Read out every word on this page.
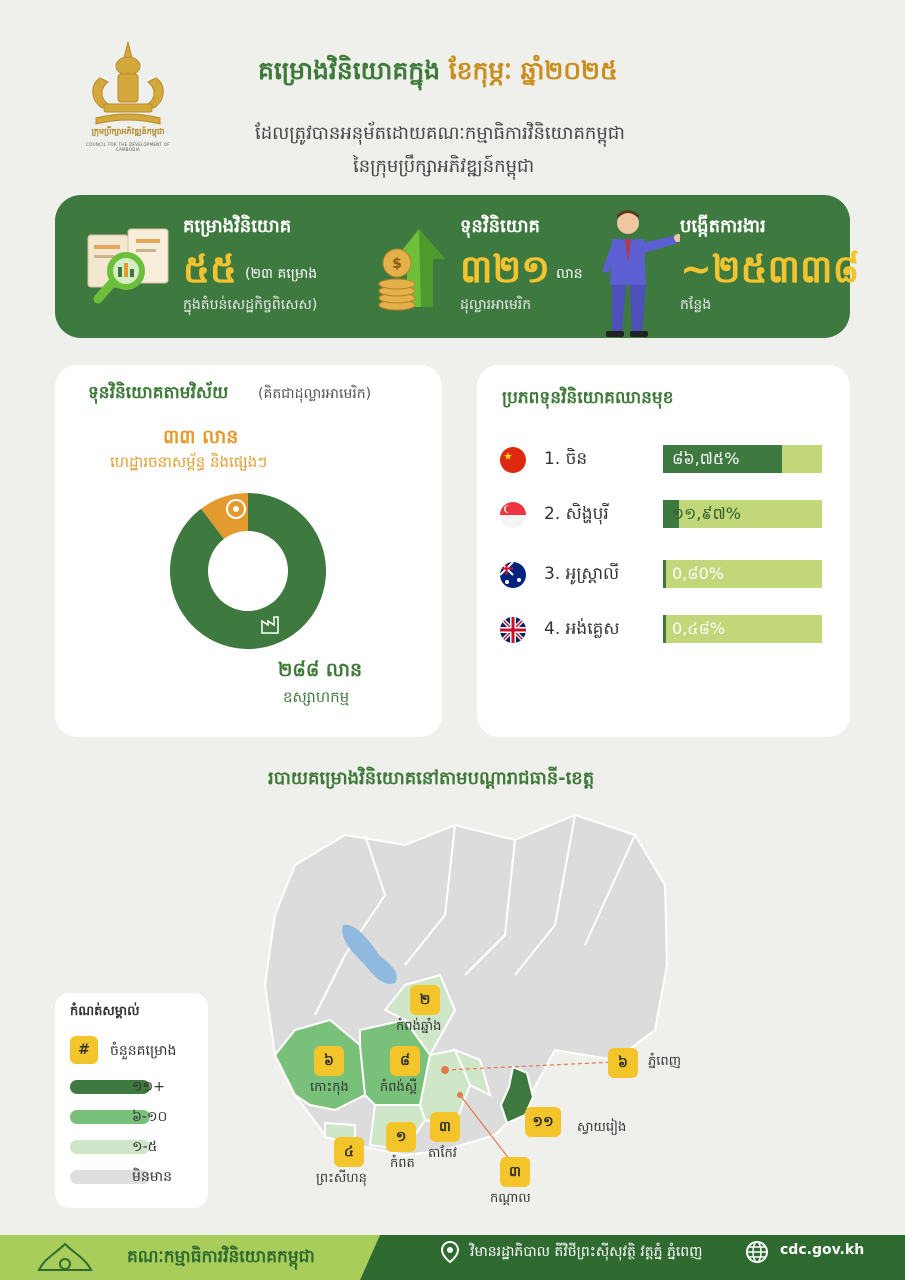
ក្រុមប្រឹក្សាអភិវឌ្ឍន៍កម្ពុជា
COUNCIL FOR THE DEVELOPMENT OF CAMBODIA
គម្រោងវិនិយោគក្នុង ខែកុម្ភៈ ឆ្នាំ២០២៥
ដែលត្រូវបានអនុម័តដោយគណៈកម្មាធិការវិនិយោគកម្ពុជា
នៃក្រុមប្រឹក្សាអភិវឌ្ឍន៍កម្ពុជា
គម្រោងវិនិយោគ
៥៥ (២៣ គម្រោង
ក្នុងតំបន់សេដ្ឋកិច្ចពិសេស)
$
ទុនវិនិយោគ
៣២១ លាន
ដុល្លារអាមេរិក
បង្កើតការងារ
~២៥៣៣៨
កន្លែង
ទុនវិនិយោគតាមវិស័យ (គិតជាដុល្លារអាមេរិក)
៣៣ លាន
ហេដ្ឋារចនាសម្ព័ន្ធ និងផ្សេងៗ
២៨៨ លាន
ឧស្សាហកម្ម
ប្រភពទុនវិនិយោគឈានមុខ
1. ចិន	៨៦,៧៥%
2. សិង្ហបុរី	១១,៩៧%
3. អូស្ត្រាលី	0,៨0%
4. អង់គ្លេស	0,៤៨%
របាយគម្រោងវិនិយោគនៅតាមបណ្តារាជធានី-ខេត្ត
២
កំពង់ឆ្នាំង
៦
កោះកុង
៨
កំពង់ស្ពឺ
៦	ភ្នំពេញ
១១	ស្វាយរៀង
៤
ព្រះសីហនុ
១
កំពត
៣
តាកែវ
៣
កណ្ដាល
កំណត់សម្គាល់
#	ចំនួនគម្រោង
១១+
៦-១០
១-៥
មិនមាន
គណៈកម្មាធិការវិនិយោគកម្ពុជា	វិមានរដ្ឋាភិបាល តីវិថីព្រះស៊ីសុវត្ថិ វត្តភ្នំ ភ្នំពេញ	cdc.gov.kh
